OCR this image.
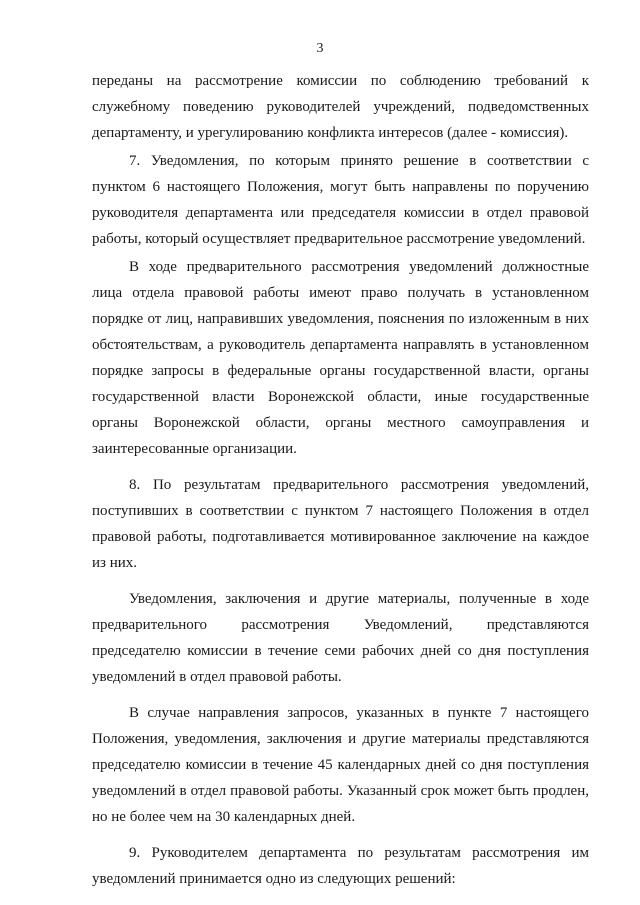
3

переданы на рассмотрение комиссии по соблюдению требований к служебному поведению руководителей учреждений, подведомственных департаменту, и урегулированию конфликта интересов (далее - комиссия).

7. Уведомления, по которым принято решение в соответствии с пунктом 6 настоящего Положения, могут быть направлены по поручению руководителя департамента или председателя комиссии в отдел правовой работы, который осуществляет предварительное рассмотрение уведомлений.

В ходе предварительного рассмотрения уведомлений должностные лица отдела правовой работы имеют право получать в установленном порядке от лиц, направивших уведомления, пояснения по изложенным в них обстоятельствам, а руководитель департамента направлять в установленном порядке запросы в федеральные органы государственной власти, органы государственной власти Воронежской области, иные государственные органы Воронежской области, органы местного самоуправления и заинтересованные организации.

8. По результатам предварительного рассмотрения уведомлений, поступивших в соответствии с пунктом 7 настоящего Положения в отдел правовой работы, подготавливается мотивированное заключение на каждое из них.

Уведомления, заключения и другие материалы, полученные в ходе предварительного рассмотрения Уведомлений, представляются председателю комиссии в течение семи рабочих дней со дня поступления уведомлений в отдел правовой работы.

В случае направления запросов, указанных в пункте 7 настоящего Положения, уведомления, заключения и другие материалы представляются председателю комиссии в течение 45 календарных дней со дня поступления уведомлений в отдел правовой работы. Указанный срок может быть продлен, но не более чем на 30 календарных дней.

9. Руководителем департамента по результатам рассмотрения им уведомлений принимается одно из следующих решений:
